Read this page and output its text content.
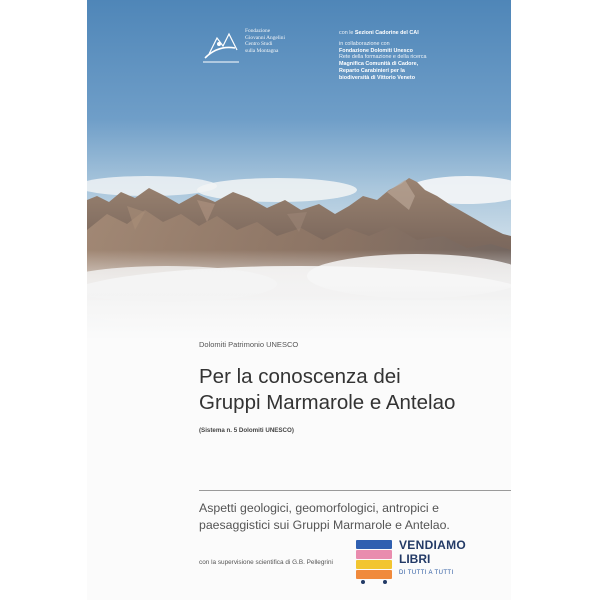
Fondazione
Giovanni Angelini
Centro Studi
sulla Montagna
con le Sezioni Cadorine del CAI
in collaborazione con
Fondazione Dolomiti Unesco
Rete della formazione e della ricerca
Magnifica Comunità di Cadore,
Reparto Carabinieri per la
biodiversità di Vittorio Veneto
Dolomiti Patrimonio UNESCO
Per la conoscenza dei
Gruppi Marmarole e Antelao
(Sistema n. 5 Dolomiti UNESCO)
Aspetti geologici, geomorfologici, antropici e
paesaggistici sui Gruppi Marmarole e Antelao.
con la supervisione scientifica di G.B. Pellegrini
VENDIAMO
LIBRI
DI TUTTI A TUTTI
